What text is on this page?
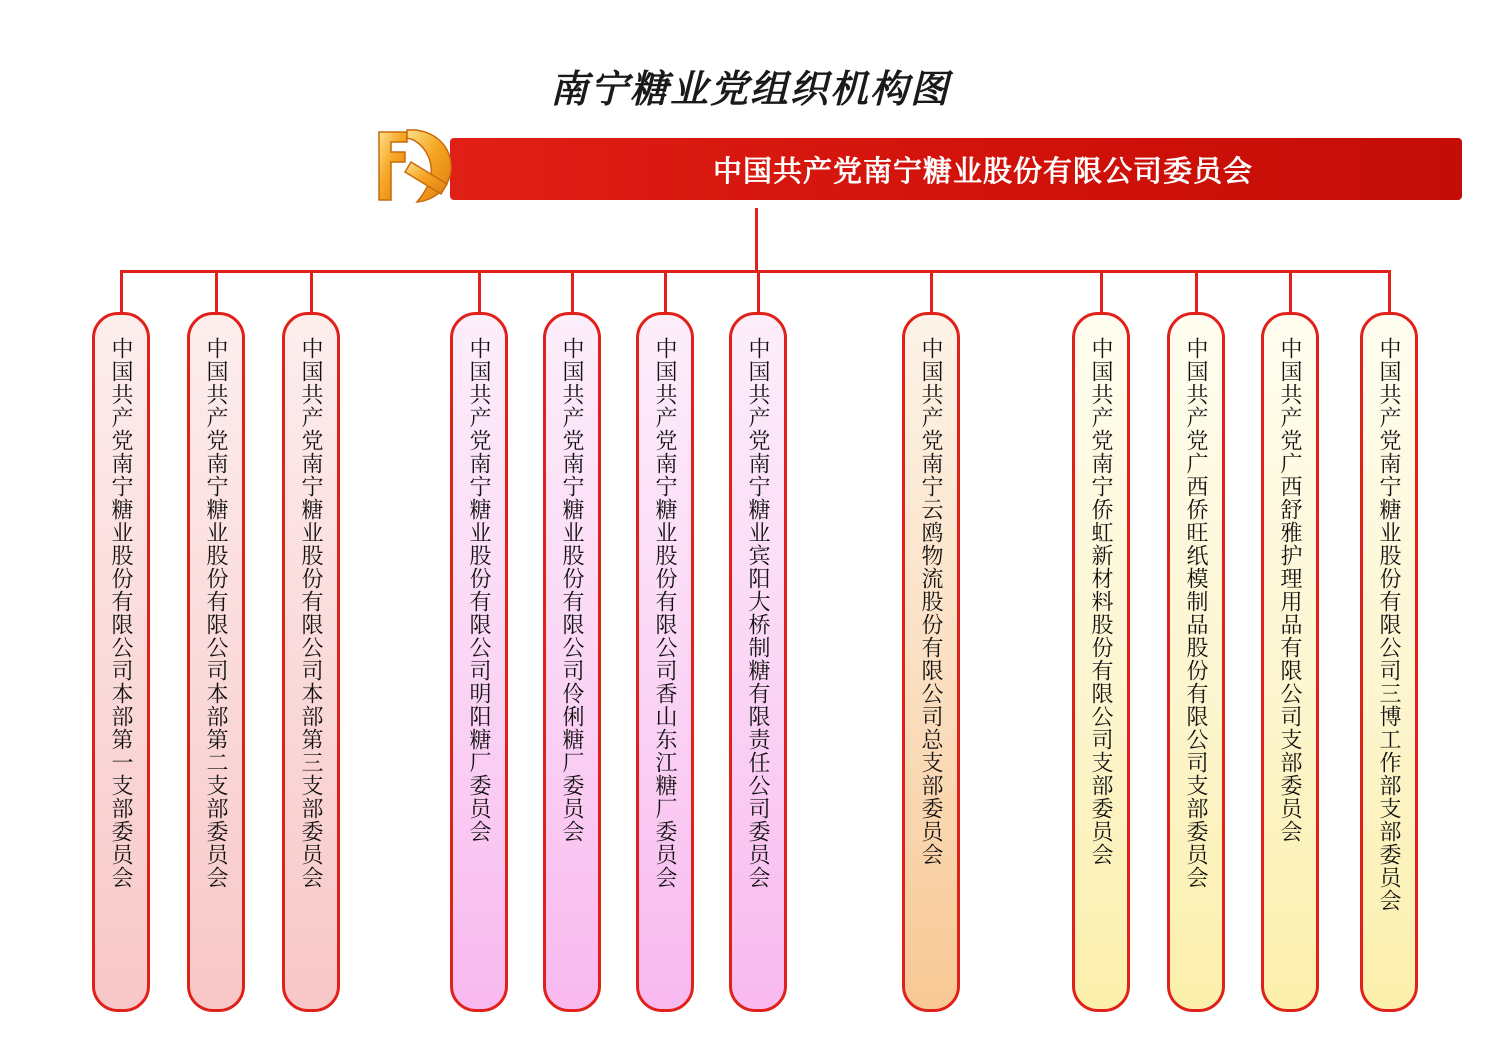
南宁糖业党组织机构图
中国共产党南宁糖业股份有限公司委员会
中国共产党南宁糖业股份有限公司本部第一支部委员会	中国共产党南宁糖业股份有限公司本部第二支部委员会	中国共产党南宁糖业股份有限公司本部第三支部委员会	中国共产党南宁糖业股份有限公司明阳糖厂委员会	中国共产党南宁糖业股份有限公司伶俐糖厂委员会	中国共产党南宁糖业股份有限公司香山东江糖厂委员会	中国共产党南宁糖业宾阳大桥制糖有限责任公司委员会	中国共产党南宁云鸥物流股份有限公司总支部委员会	中国共产党南宁侨虹新材料股份有限公司支部委员会	中国共产党广西侨旺纸模制品股份有限公司支部委员会	中国共产党广西舒雅护理用品有限公司支部委员会	中国共产党南宁糖业股份有限公司三博工作部支部委员会
